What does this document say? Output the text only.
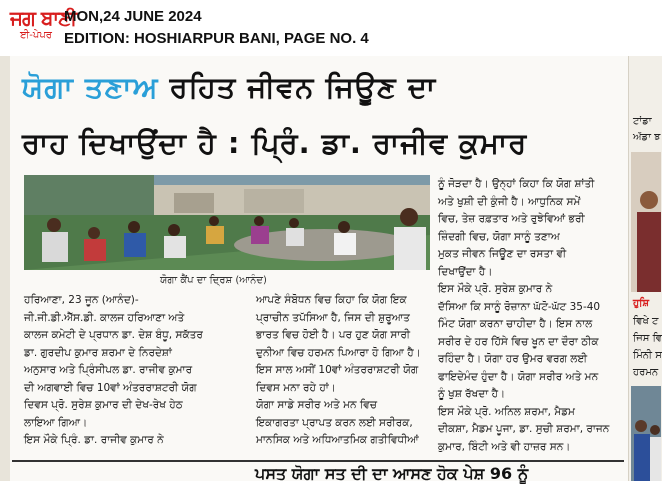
ਜਗ ਬਾਣੀ
ਈ-ਪੇਪਰ
MON,24 JUNE 2024
EDITION: HOSHIARPUR BANI, PAGE NO. 4
ਟਾਂਡਾ
ਅੱਡਾ ਝ
ਹੁਸ਼ਿ
ਵਿਖੇ ਟ
ਜਿਸ ਵਿ
ਮਿੰਨੀ ਸ
ਹਰਮਨ
ਯੋਗਾ ਤਣਾਅ ਰਹਿਤ ਜੀਵਨ ਜਿਊਣ ਦਾ
ਰਾਹ ਦਿਖਾਉਂਦਾ ਹੈ : ਪ੍ਰਿੰ. ਡਾ. ਰਾਜੀਵ ਕੁਮਾਰ
ਯੋਗਾ ਕੈਂਪ ਦਾ ਦ੍ਰਿਸ਼ (ਆਨੰਦ)

ਹਰਿਆਣਾ, 23 ਜੂਨ (ਆਨੰਦ)-

ਜੀ.ਜੀ.ਡੀ.ਐੱਸ.ਡੀ. ਕਾਲਜ ਹਰਿਆਣਾ ਅਤੇ

ਕਾਲਜ ਕਮੇਟੀ ਦੇ ਪ੍ਰਧਾਨ ਡਾ. ਦੇਸ਼ ਬੰਧੂ, ਸਕੱਤਰ

ਡਾ. ਗੁਰਦੀਪ ਕੁਮਾਰ ਸ਼ਰਮਾ ਦੇ ਨਿਰਦੇਸ਼ਾਂ

ਅਨੁਸਾਰ ਅਤੇ ਪ੍ਰਿੰਸੀਪਲ ਡਾ. ਰਾਜੀਵ ਕੁਮਾਰ

ਦੀ ਅਗਵਾਈ ਵਿਚ 10ਵਾਂ ਅੰਤਰਰਾਸ਼ਟਰੀ ਯੋਗ

ਦਿਵਸ ਪ੍ਰੋ. ਸੁਰੇਸ਼ ਕੁਮਾਰ ਦੀ ਦੇਖ-ਰੇਖ ਹੇਠ

ਲਾਇਆ ਗਿਆ।

ਇਸ ਮੌਕੇ ਪ੍ਰਿੰ. ਡਾ. ਰਾਜੀਵ ਕੁਮਾਰ ਨੇ

ਆਪਣੇ ਸੰਬੋਧਨ ਵਿਚ ਕਿਹਾ ਕਿ ਯੋਗ ਇਕ

ਪ੍ਰਾਚੀਨ ਤਪੱਸਿਆ ਹੈ, ਜਿਸ ਦੀ ਸ਼ੁਰੂਆਤ

ਭਾਰਤ ਵਿਚ ਹੋਈ ਹੈ। ਪਰ ਹੁਣ ਯੋਗ ਸਾਰੀ

ਦੁਨੀਆ ਵਿਚ ਹਰਮਨ ਪਿਆਰਾ ਹੋ ਗਿਆ ਹੈ।

ਇਸ ਸਾਲ ਅਸੀਂ 10ਵਾਂ ਅੰਤਰਰਾਸ਼ਟਰੀ ਯੋਗ

ਦਿਵਸ ਮਨਾ ਰਹੇ ਹਾਂ।

ਯੋਗਾ ਸਾਡੇ ਸਰੀਰ ਅਤੇ ਮਨ ਵਿਚ

ਇਕਾਗਰਤਾ ਪ੍ਰਾਪਤ ਕਰਨ ਲਈ ਸਰੀਰਕ,

ਮਾਨਸਿਕ ਅਤੇ ਅਧਿਆਤਮਿਕ ਗਤੀਵਿਧੀਆਂ

ਨੂੰ ਜੋੜਦਾ ਹੈ। ਉਨ੍ਹਾਂ ਕਿਹਾ ਕਿ ਯੋਗ ਸ਼ਾਂਤੀ

ਅਤੇ ਖੁਸ਼ੀ ਦੀ ਕੁੰਜੀ ਹੈ। ਆਧੁਨਿਕ ਸਮੇਂ

ਵਿਚ, ਤੇਜ਼ ਰਫ਼ਤਾਰ ਅਤੇ ਰੁਝੇਵਿਆਂ ਭਰੀ

ਜ਼ਿੰਦਗੀ ਵਿਚ, ਯੋਗਾ ਸਾਨੂੰ ਤਣਾਅ

ਮੁਕਤ ਜੀਵਨ ਜਿਊਣ ਦਾ ਰਸਤਾ ਵੀ

ਦਿਖਾਉਂਦਾ ਹੈ।

ਇਸ ਮੌਕੇ ਪ੍ਰੋ. ਸੁਰੇਸ਼ ਕੁਮਾਰ ਨੇ

ਦੱਸਿਆ ਕਿ ਸਾਨੂੰ ਰੋਜ਼ਾਨਾ ਘੱਟੋ-ਘੱਟ 35-40

ਮਿੰਟ ਯੋਗਾ ਕਰਨਾ ਚਾਹੀਦਾ ਹੈ। ਇਸ ਨਾਲ

ਸਰੀਰ ਦੇ ਹਰ ਹਿੱਸੇ ਵਿਚ ਖੂਨ ਦਾ ਦੌਰਾ ਠੀਕ

ਰਹਿੰਦਾ ਹੈ। ਯੋਗਾ ਹਰ ਉਮਰ ਵਰਗ ਲਈ

ਫਾਇਦੇਮੰਦ ਹੁੰਦਾ ਹੈ। ਯੋਗਾ ਸਰੀਰ ਅਤੇ ਮਨ

ਨੂੰ ਖੁਸ਼ ਰੱਖਦਾ ਹੈ।

ਇਸ ਮੌਕੇ ਪ੍ਰੋ. ਅਨਿਲ ਸ਼ਰਮਾ, ਮੈਡਮ

ਦੀਕਸ਼ਾ, ਮੈਡਮ ਪੂਜਾ, ਡਾ. ਸੁਚੀ ਸ਼ਰਮਾ, ਰਾਜਨ

ਕੁਮਾਰ, ਬਿੰਟੀ ਅਤੇ ਵੀ ਹਾਜ਼ਰ ਸਨ।

ਪਸਤ ਯੋਗਾ ਸਤ ਦੀ ਦਾ ਆਸਣ ਹੋਕ ਪੇਸ਼ 96 ਨੂੰ
